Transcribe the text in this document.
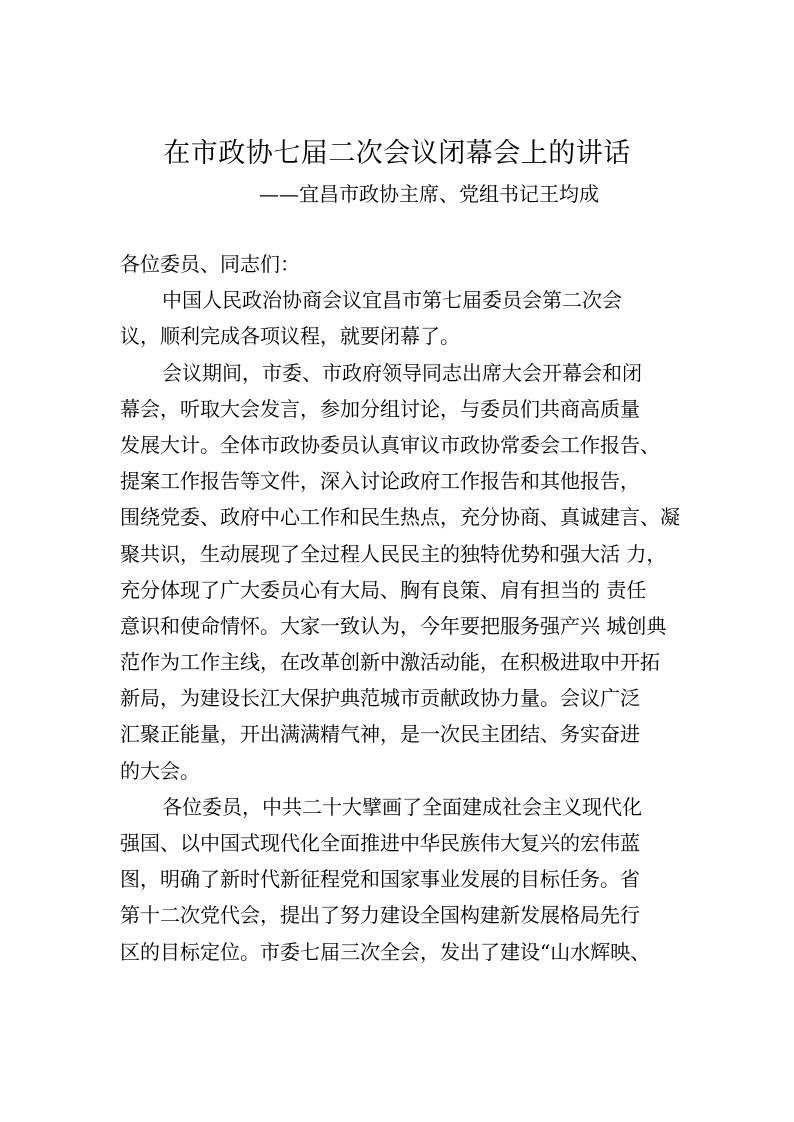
在市政协七届二次会议闭幕会上的讲话
——宜昌市政协主席、党组书记王均成
各位委员、同志们：
中国人民政治协商会议宜昌市第七届委员会第二次会
议，顺利完成各项议程，就要闭幕了。
会议期间，市委、市政府领导同志出席大会开幕会和闭
幕会，听取大会发言，参加分组讨论，与委员们共商高质量
发展大计。全体市政协委员认真审议市政协常委会工作报告、
提案工作报告等文件，深入讨论政府工作报告和其他报告，
围绕党委、政府中心工作和民生热点，充分协商、真诚建言、凝
聚共识，生动展现了全过程人民民主的独特优势和强大活 力，
充分体现了广大委员心有大局、胸有良策、肩有担当的 责任
意识和使命情怀。大家一致认为，今年要把服务强产兴 城创典
范作为工作主线，在改革创新中激活动能，在积极进取中开拓
新局，为建设长江大保护典范城市贡献政协力量。会议广泛
汇聚正能量，开出满满精气神，是一次民主团结、务实奋进
的大会。
各位委员，中共二十大擘画了全面建成社会主义现代化
强国、以中国式现代化全面推进中华民族伟大复兴的宏伟蓝
图，明确了新时代新征程党和国家事业发展的目标任务。省
第十二次党代会，提出了努力建设全国构建新发展格局先行
区的目标定位。市委七届三次全会，发出了建设“山水辉映、
